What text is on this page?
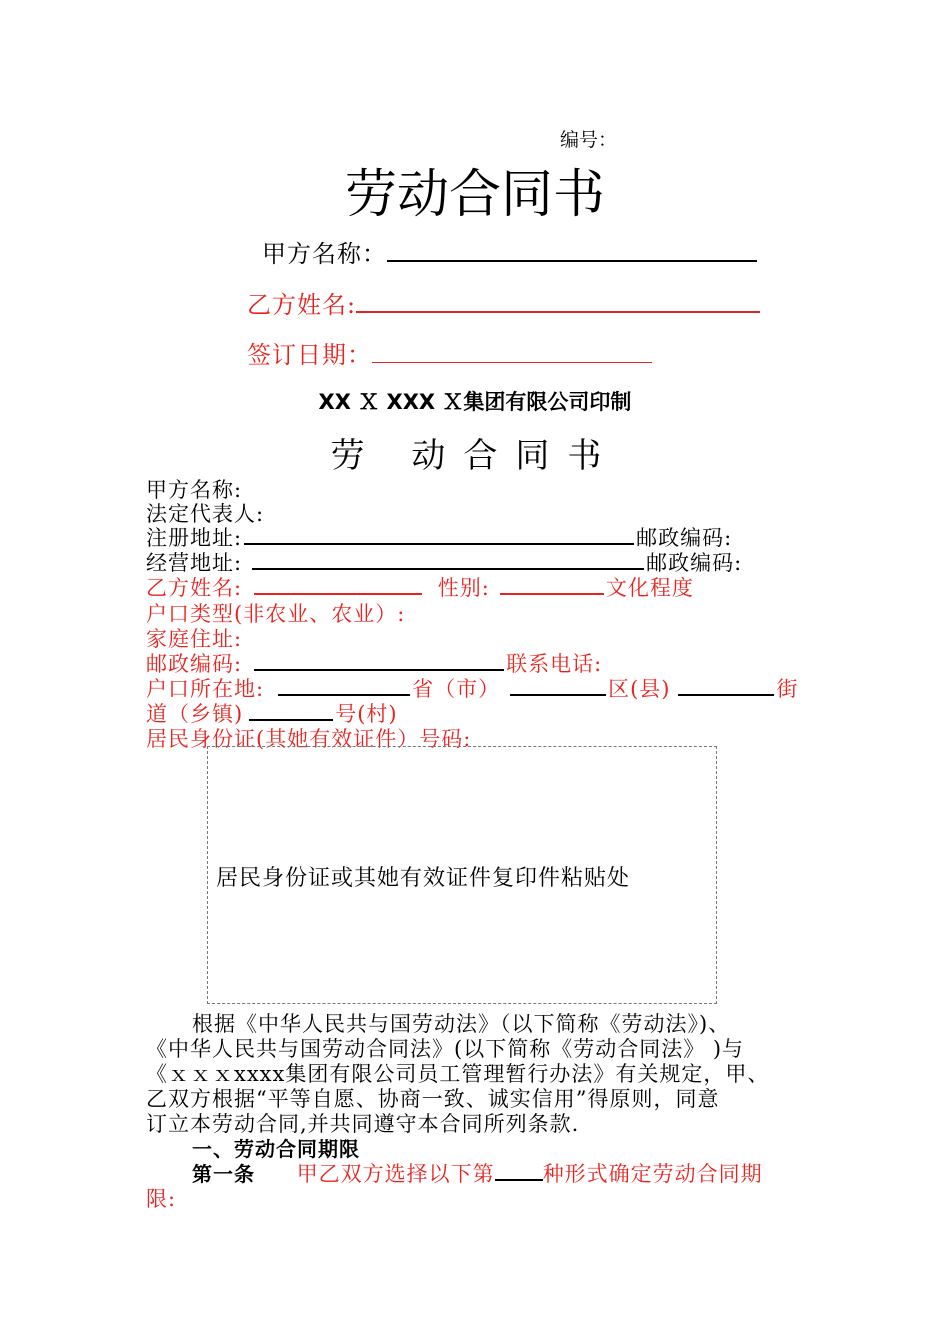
编号：
劳动合同书
甲方名称：
乙方姓名:
签订日期：
XX Ｘ XXX Ｘ集团有限公司印制
劳 动合同书
甲方名称:
法定代表人:
注册地址:	邮政编码:
经营地址:	邮政编码:
乙方姓名:	性别:	文化程度
户口类型(非农业、农业）:
家庭住址:
邮政编码:	联系电话:
户口所在地:	省（市）	区(县)	街
道（乡镇)	号(村)
居民身份证(其她有效证件）号码:
居民身份证或其她有效证件复印件粘贴处
根据《中华人民共与国劳动法》（以下简称《劳动法》)、
《中华人民共与国劳动合同法》(以下简称《劳动合同法》 )与
《ｘｘｘxxxx集团有限公司员工管理暂行办法》有关规定，甲、
乙双方根据“平等自愿、协商一致、诚实信用”得原则，同意
订立本劳动合同,并共同遵守本合同所列条款.
一、劳动合同期限
第一条 甲乙双方选择以下第 种形式确定劳动合同期
限:
